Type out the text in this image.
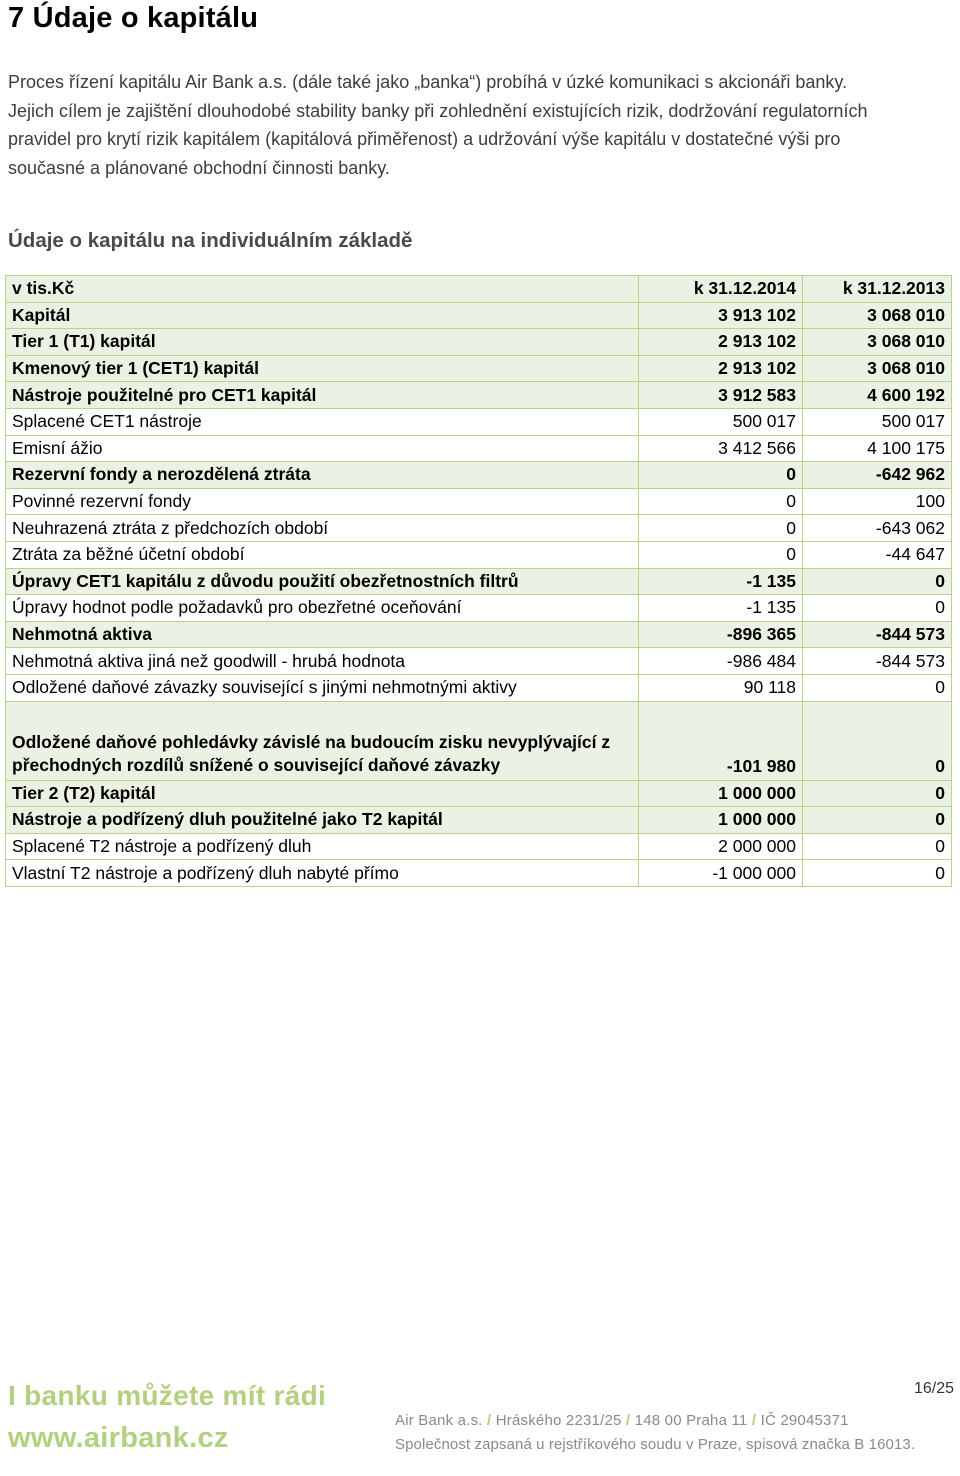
7 Údaje o kapitálu
Proces řízení kapitálu Air Bank a.s. (dále také jako „banka“) probíhá v úzké komunikaci s akcionáři banky.
Jejich cílem je zajištění dlouhodobé stability banky při zohlednění existujících rizik, dodržování regulatorních
pravidel pro krytí rizik kapitálem (kapitálová přiměřenost) a udržování výše kapitálu v dostatečné výši pro
současné a plánované obchodní činnosti banky.
Údaje o kapitálu na individuálním základě
v tis.Kč	k 31.12.2014	k 31.12.2013
Kapitál	3 913 102	3 068 010
Tier 1 (T1) kapitál	2 913 102	3 068 010
Kmenový tier 1 (CET1) kapitál	2 913 102	3 068 010
Nástroje použitelné pro CET1 kapitál	3 912 583	4 600 192
Splacené CET1 nástroje	500 017	500 017
Emisní ážio	3 412 566	4 100 175
Rezervní fondy a nerozdělená ztráta	0	-642 962
Povinné rezervní fondy	0	100
Neuhrazená ztráta z předchozích období	0	-643 062
Ztráta za běžné účetní období	0	-44 647
Úpravy CET1 kapitálu z důvodu použití obezřetnostních filtrů	-1 135	0
Úpravy hodnot podle požadavků pro obezřetné oceňování	-1 135	0
Nehmotná aktiva	-896 365	-844 573
Nehmotná aktiva jiná než goodwill - hrubá hodnota	-986 484	-844 573
Odložené daňové závazky související s jinými nehmotnými aktivy	90 118	0
Odložené daňové pohledávky závislé na budoucím zisku nevyplývající z přechodných rozdílů snížené o související daňové závazky	-101 980	0
Tier 2 (T2) kapitál	1 000 000	0
Nástroje a podřízený dluh použitelné jako T2 kapitál	1 000 000	0
Splacené T2 nástroje a podřízený dluh	2 000 000	0
Vlastní T2 nástroje a podřízený dluh nabyté přímo	-1 000 000	0
I banku můžete mít rádi
www.airbank.cz
16/25
Air Bank a.s. / Hráského 2231/25 / 148 00 Praha 11 / IČ 29045371
Společnost zapsaná u rejstříkového soudu v Praze, spisová značka B 16013.
